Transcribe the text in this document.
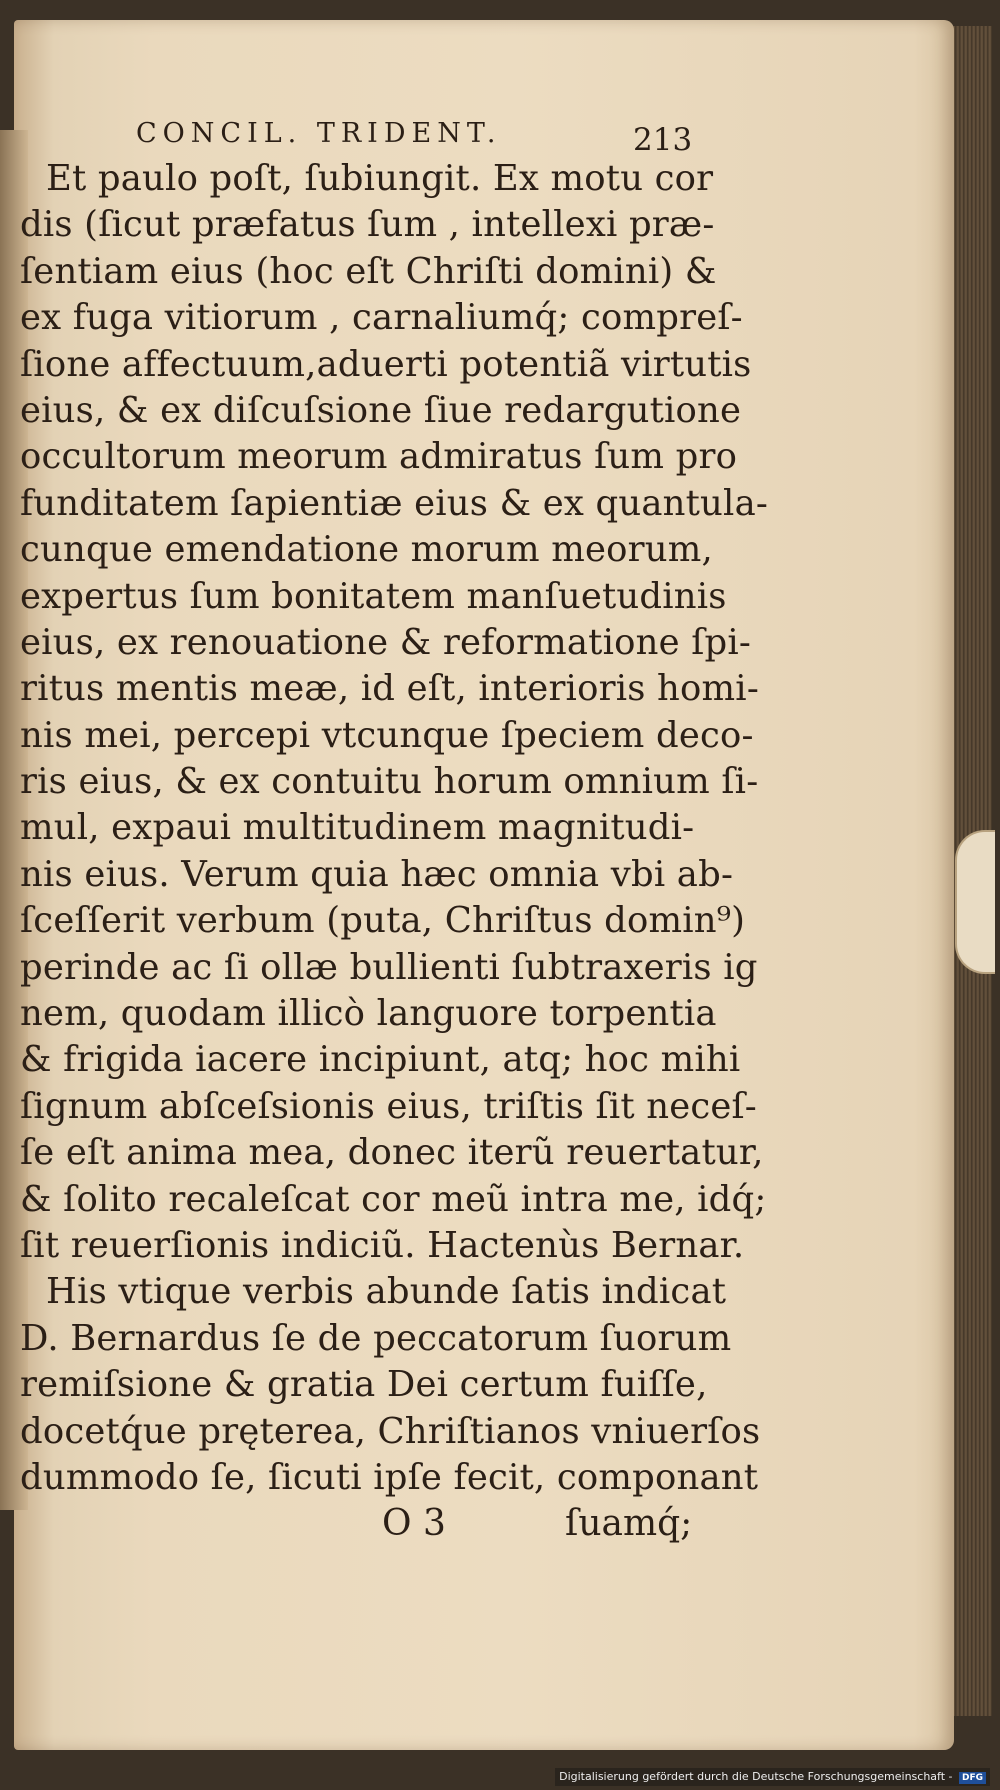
CONCIL. TRIDENT.	213
Et paulo poſt, ſubiungit. Ex motu cor
dis (ſicut præfatus ſum , intellexi præ-
ſentiam eius (hoc eſt Chriſti domini) &
ex fuga vitiorum , carnaliumq́; compreſ-
ſione affectuum,aduerti potentiã virtutis
eius, & ex diſcuſsione ſiue redargutione
occultorum meorum admiratus ſum pro
funditatem ſapientiæ eius & ex quantula-
cunque emendatione morum meorum,
expertus ſum bonitatem manſuetudinis
eius, ex renouatione & reformatione ſpi-
ritus mentis meæ, id eſt, interioris homi-
nis mei, percepi vtcunque ſpeciem deco-
ris eius, & ex contuitu horum omnium ſi-
mul, expaui multitudinem magnitudi-
nis eius. Verum quia hæc omnia vbi ab-
ſceſſerit verbum (puta, Chriſtus domin⁹)
perinde ac ſi ollæ bullienti ſubtraxeris ig
nem, quodam illicò languore torpentia
& frigida iacere incipiunt, atq; hoc mihi
ſignum abſceſsionis eius, triſtis ſit neceſ-
ſe eſt anima mea, donec iterũ reuertatur,
& ſolito recaleſcat cor meũ intra me, idq́;
ſit reuerſionis indiciũ. Hactenùs Bernar.
His vtique verbis abunde ſatis indicat
D. Bernardus ſe de peccatorum ſuorum
remiſsione & gratia Dei certum fuiſſe,
docetq́ue pręterea, Chriſtianos vniuerſos
dummodo ſe, ſicuti ipſe fecit, componant
O 3	ſuamq́;
Digitalisierung gefördert durch die Deutsche Forschungsgemeinschaft - DFG
